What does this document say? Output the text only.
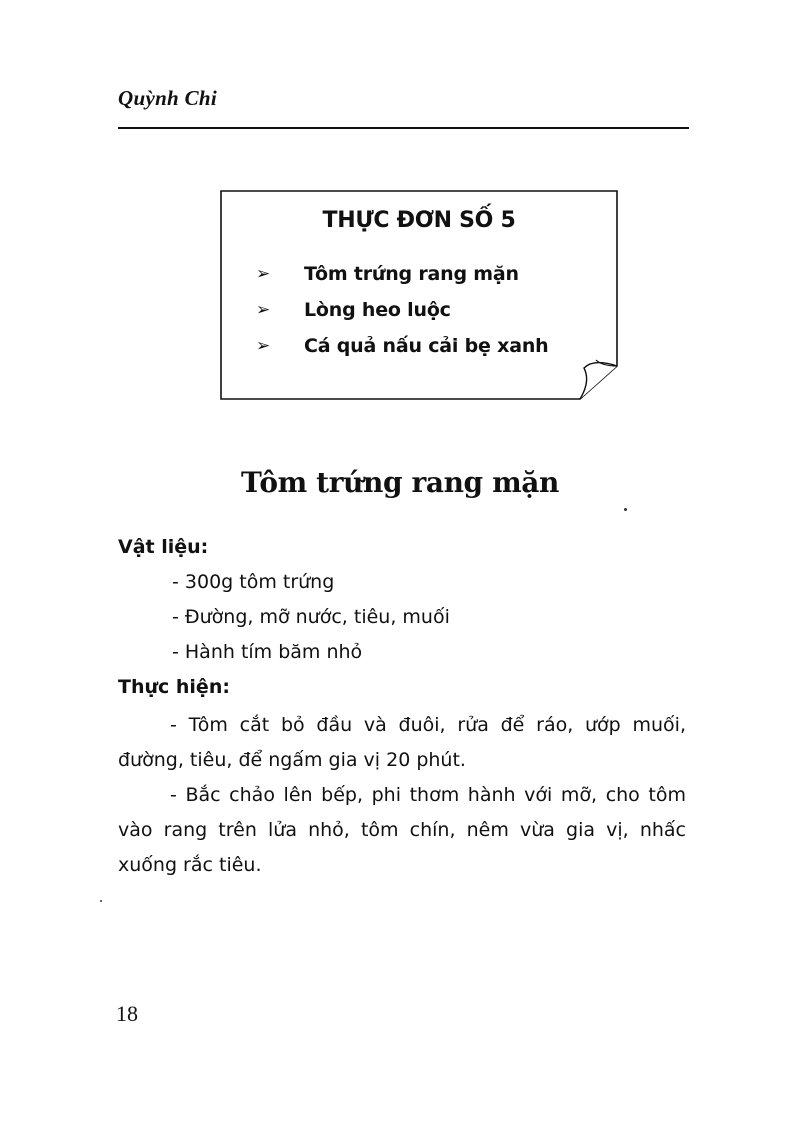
Quỳnh Chi
THỰC ĐƠN SỐ 5
➢	Tôm trứng rang mặn
➢	Lòng heo luộc
➢	Cá quả nấu cải bẹ xanh
Tôm trứng rang mặn
Vật liệu:
- 300g tôm trứng
- Đường, mỡ nước, tiêu, muối
- Hành tím băm nhỏ
Thực hiện:

- Tôm cắt bỏ đầu và đuôi, rửa để ráo, ướp muối, đường, tiêu, để ngấm gia vị 20 phút.

- Bắc chảo lên bếp, phi thơm hành với mỡ, cho tôm vào rang trên lửa nhỏ, tôm chín, nêm vừa gia vị, nhấc xuống rắc tiêu.

18
